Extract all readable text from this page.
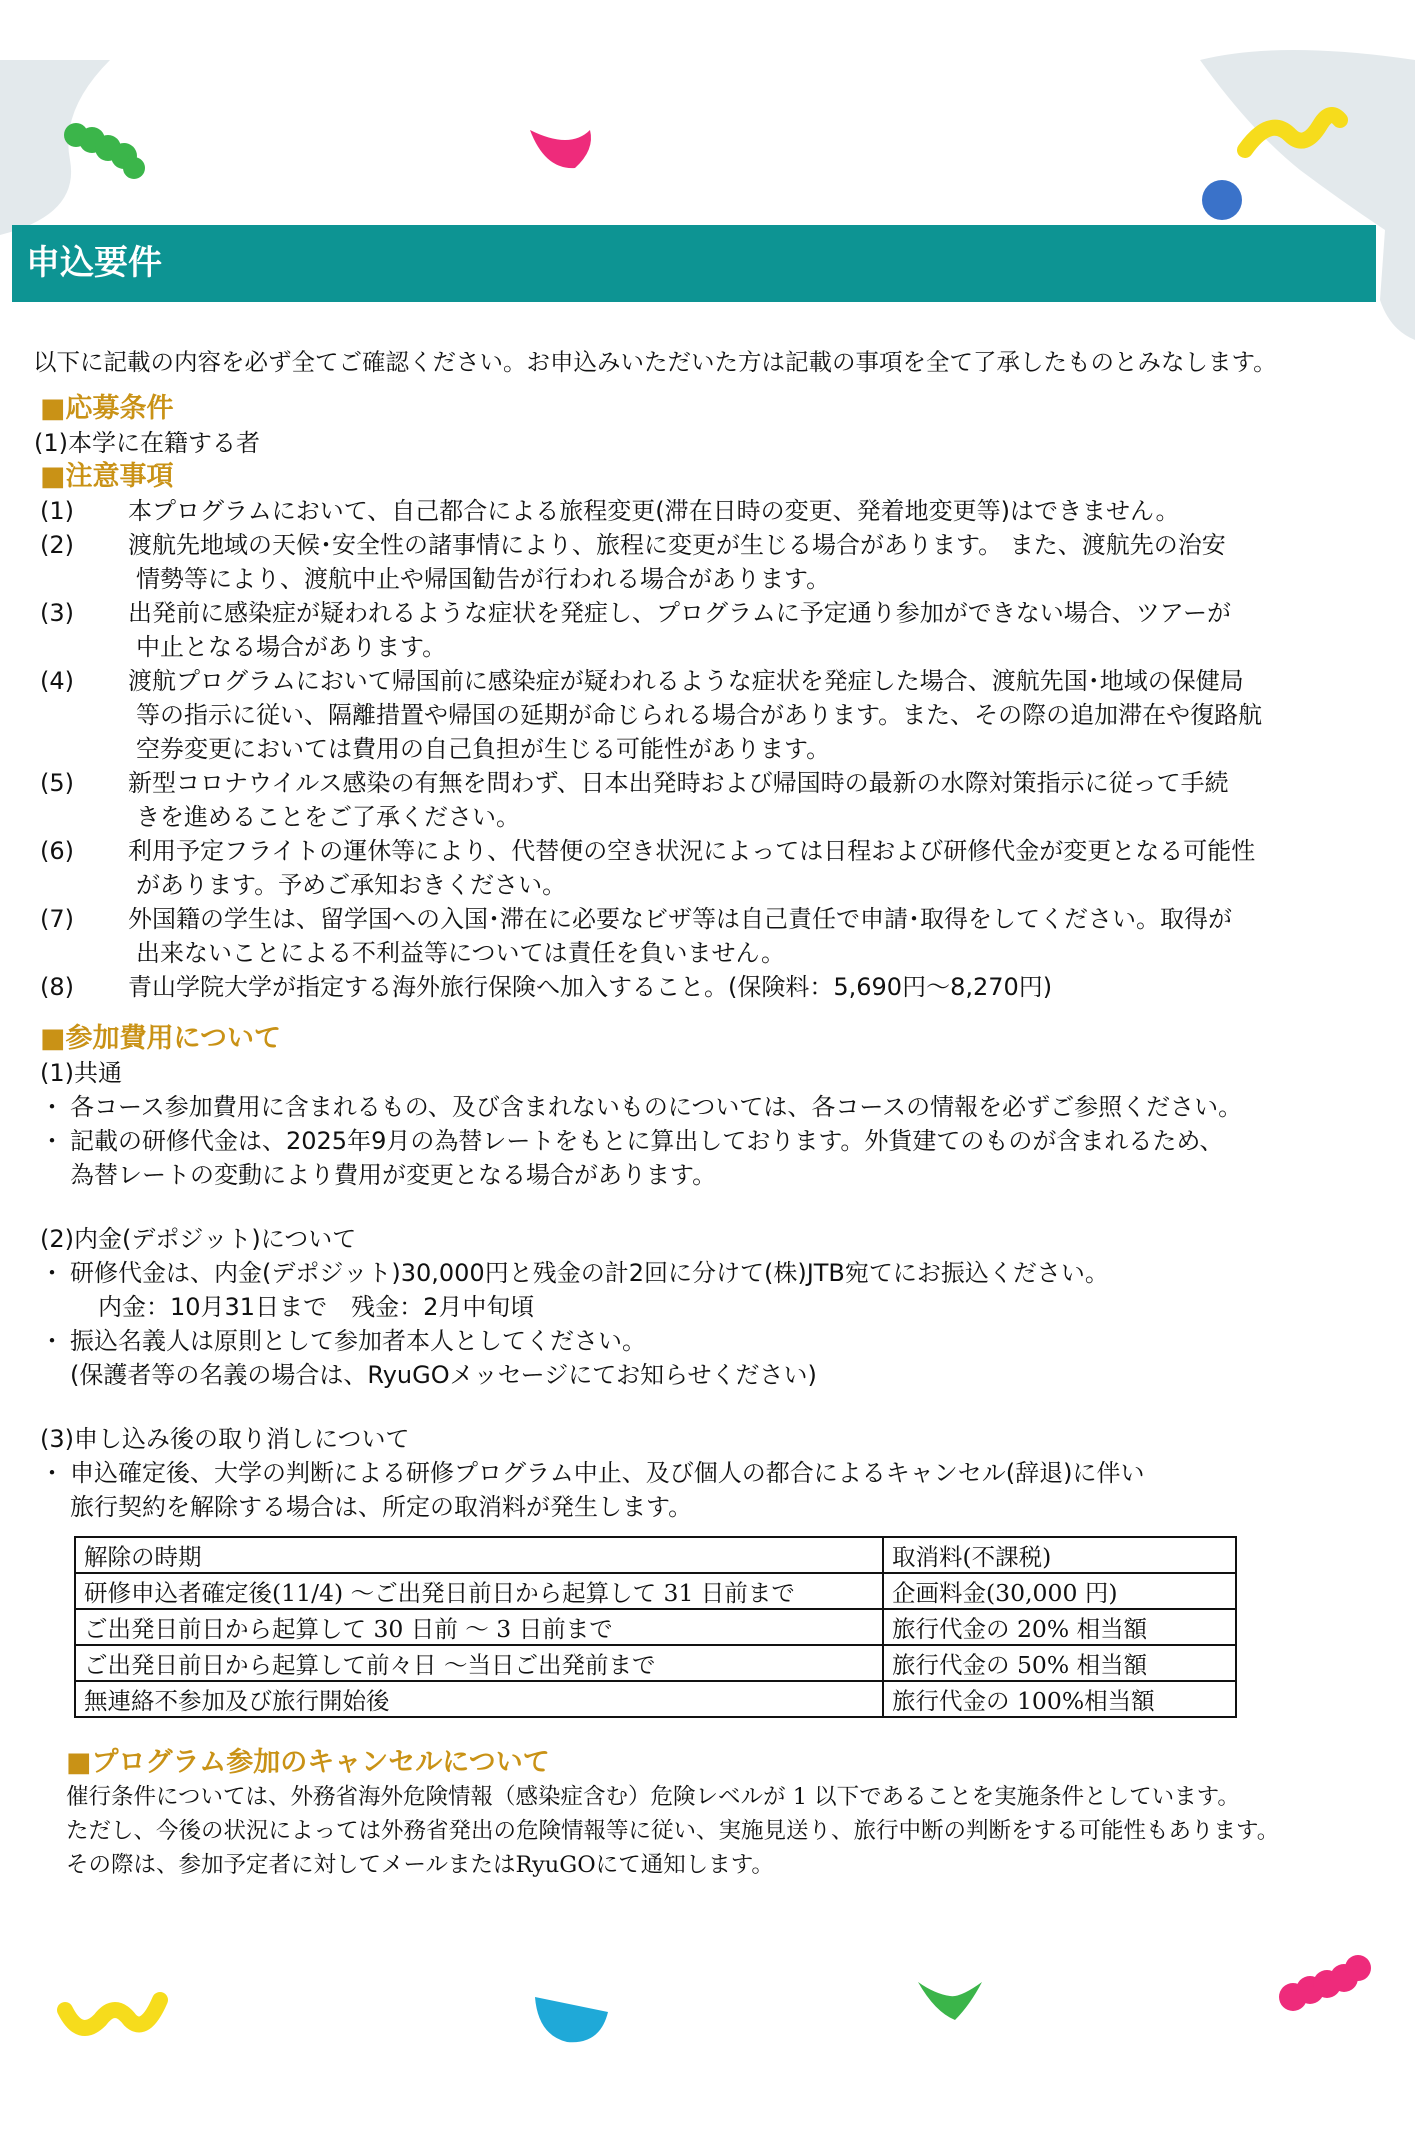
申込要件
以下に記載の内容を必ず全てご確認ください。お申込みいただいた方は記載の事項を全て了承したものとみなします。
■応募条件
(1)本学に在籍する者
■注意事項
(1)	本プログラムにおいて、自己都合による旅程変更(滞在日時の変更、発着地変更等)はできません。
(2)	渡航先地域の天候･安全性の諸事情により、旅程に変更が生じる場合があります。 また、渡航先の治安
情勢等により、渡航中止や帰国勧告が行われる場合があります。
(3)	出発前に感染症が疑われるような症状を発症し、プログラムに予定通り参加ができない場合、ツアーが
中止となる場合があります。
(4)	渡航プログラムにおいて帰国前に感染症が疑われるような症状を発症した場合、渡航先国･地域の保健局
等の指示に従い、隔離措置や帰国の延期が命じられる場合があります。また、その際の追加滞在や復路航
空券変更においては費用の自己負担が生じる可能性があります。
(5)	新型コロナウイルス感染の有無を問わず、日本出発時および帰国時の最新の水際対策指示に従って手続
きを進めることをご了承ください。
(6)	利用予定フライトの運休等により、代替便の空き状況によっては日程および研修代金が変更となる可能性
があります。予めご承知おきください。
(7)	外国籍の学生は、留学国への入国･滞在に必要なビザ等は自己責任で申請･取得をしてください。取得が
出来ないことによる不利益等については責任を負いません。
(8)	青山学院大学が指定する海外旅行保険へ加入すること。(保険料：5,690円～8,270円)
■参加費用について
(1)共通
・ 各コース参加費用に含まれるもの、及び含まれないものについては、各コースの情報を必ずご参照ください。
・ 記載の研修代金は、2025年9月の為替レートをもとに算出しております。外貨建てのものが含まれるため、
為替レートの変動により費用が変更となる場合があります。
(2)内金(デポジット)について
・ 研修代金は、内金(デポジット)30,000円と残金の計2回に分けて(株)JTB宛てにお振込ください。
内金：10月31日まで　残金：2月中旬頃
・ 振込名義人は原則として参加者本人としてください。
(保護者等の名義の場合は、RyuGOメッセージにてお知らせください)
(3)申し込み後の取り消しについて
・ 申込確定後、大学の判断による研修プログラム中止、及び個人の都合によるキャンセル(辞退)に伴い
旅行契約を解除する場合は、所定の取消料が発生します。
解除の時期	取消料(不課税)
研修申込者確定後(11/4) ～ご出発日前日から起算して 31 日前まで	企画料金(30,000 円)
ご出発日前日から起算して 30 日前 ～ 3 日前まで	旅行代金の 20% 相当額
ご出発日前日から起算して前々日 ～当日ご出発前まで	旅行代金の 50% 相当額
無連絡不参加及び旅行開始後	旅行代金の 100%相当額
■プログラム参加のキャンセルについて
催行条件については、外務省海外危険情報（感染症含む）危険レベルが 1 以下であることを実施条件としています。
ただし、今後の状況によっては外務省発出の危険情報等に従い、実施見送り、旅行中断の判断をする可能性もあります。
その際は、参加予定者に対してメールまたはRyuGOにて通知します。
